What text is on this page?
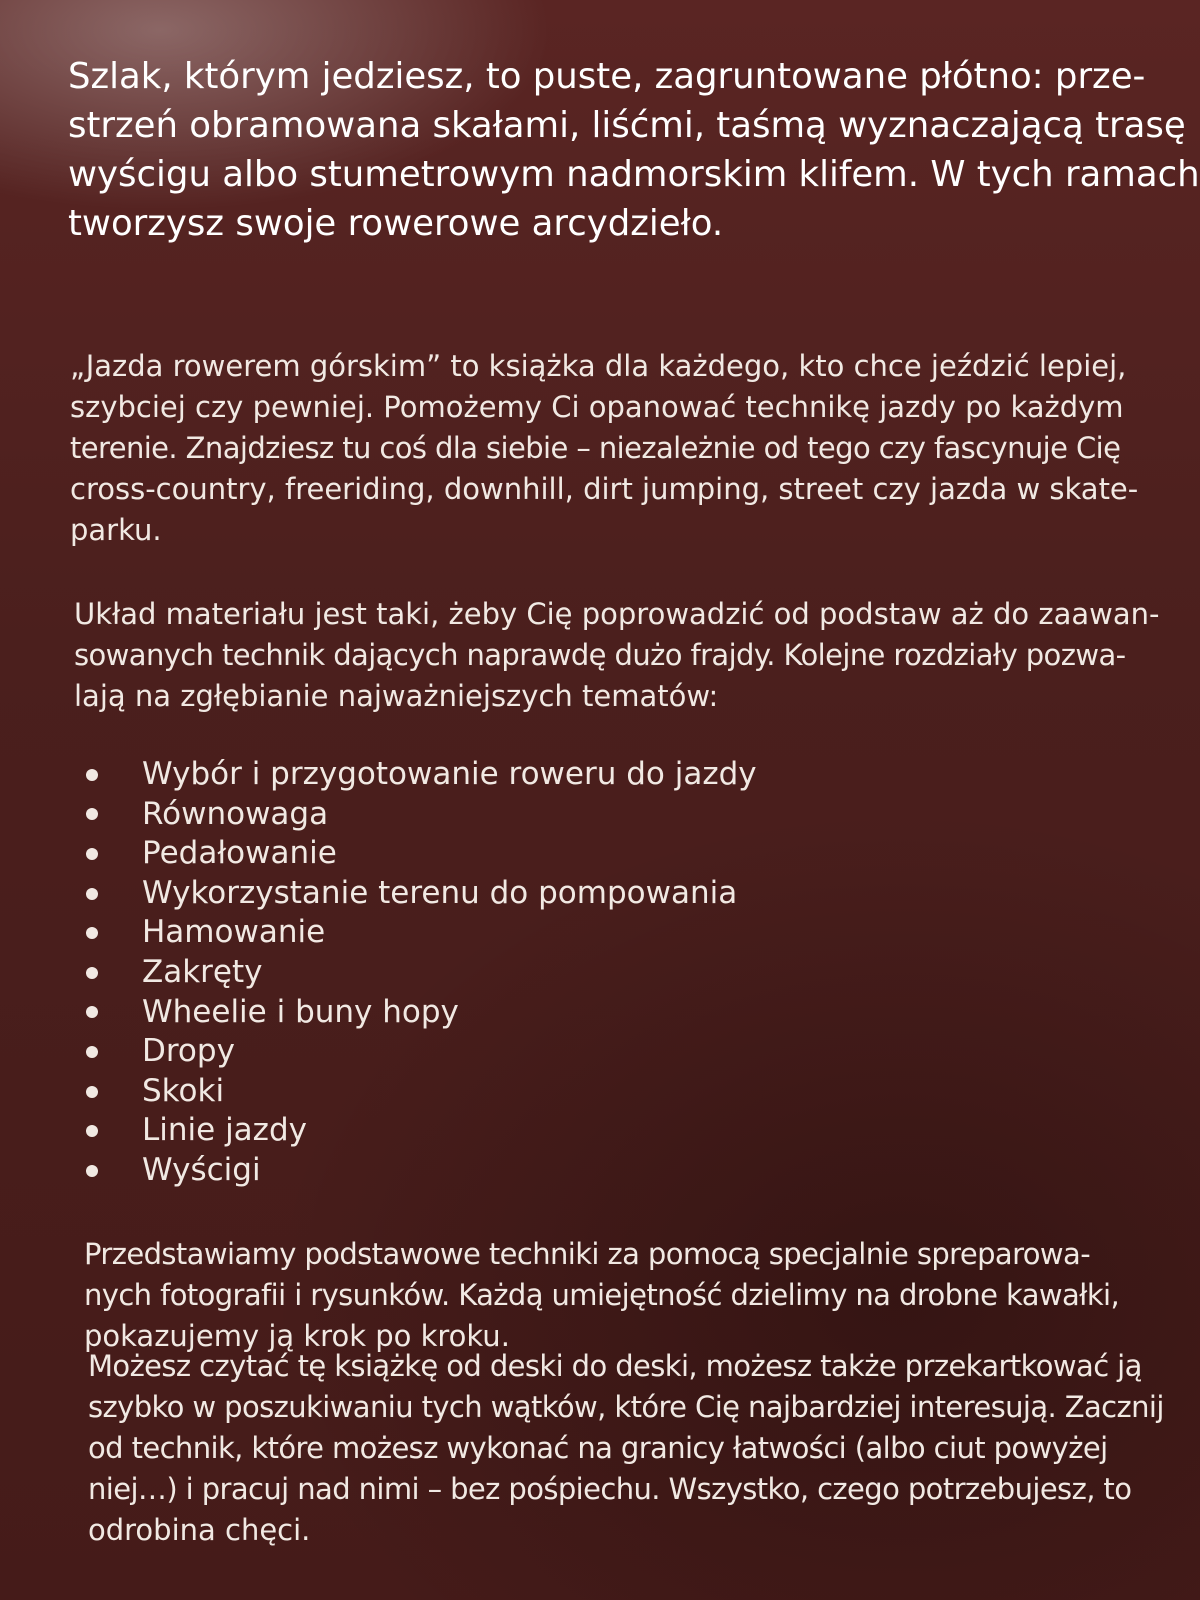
Szlak, którym jedziesz, to puste, zagruntowane płótno: prze-
strzeń obramowana skałami, liśćmi, taśmą wyznaczającą trasę
wyścigu albo stumetrowym nadmorskim klifem. W tych ramach
tworzysz swoje rowerowe arcydzieło.

„Jazda rowerem górskim” to książka dla każdego, kto chce jeździć lepiej,
szybciej czy pewniej. Pomożemy Ci opanować technikę jazdy po każdym
terenie. Znajdziesz tu coś dla siebie – niezależnie od tego czy fascynuje Cię
cross-country, freeriding, downhill, dirt jumping, street czy jazda w skate-
parku.

Układ materiału jest taki, żeby Cię poprowadzić od podstaw aż do zaawan-
sowanych technik dających naprawdę dużo frajdy. Kolejne rozdziały pozwa-
lają na zgłębianie najważniejszych tematów:

Wybór i przygotowanie roweru do jazdy
Równowaga
Pedałowanie
Wykorzystanie terenu do pompowania
Hamowanie
Zakręty
Wheelie i buny hopy
Dropy
Skoki
Linie jazdy
Wyścigi

Przedstawiamy podstawowe techniki za pomocą specjalnie spreparowa-
nych fotografii i rysunków. Każdą umiejętność dzielimy na drobne kawałki,
pokazujemy ją krok po kroku.

Możesz czytać tę książkę od deski do deski, możesz także przekartkować ją
szybko w poszukiwaniu tych wątków, które Cię najbardziej interesują. Zacznij
od technik, które możesz wykonać na granicy łatwości (albo ciut powyżej
niej…) i pracuj nad nimi – bez pośpiechu. Wszystko, czego potrzebujesz, to
odrobina chęci.
